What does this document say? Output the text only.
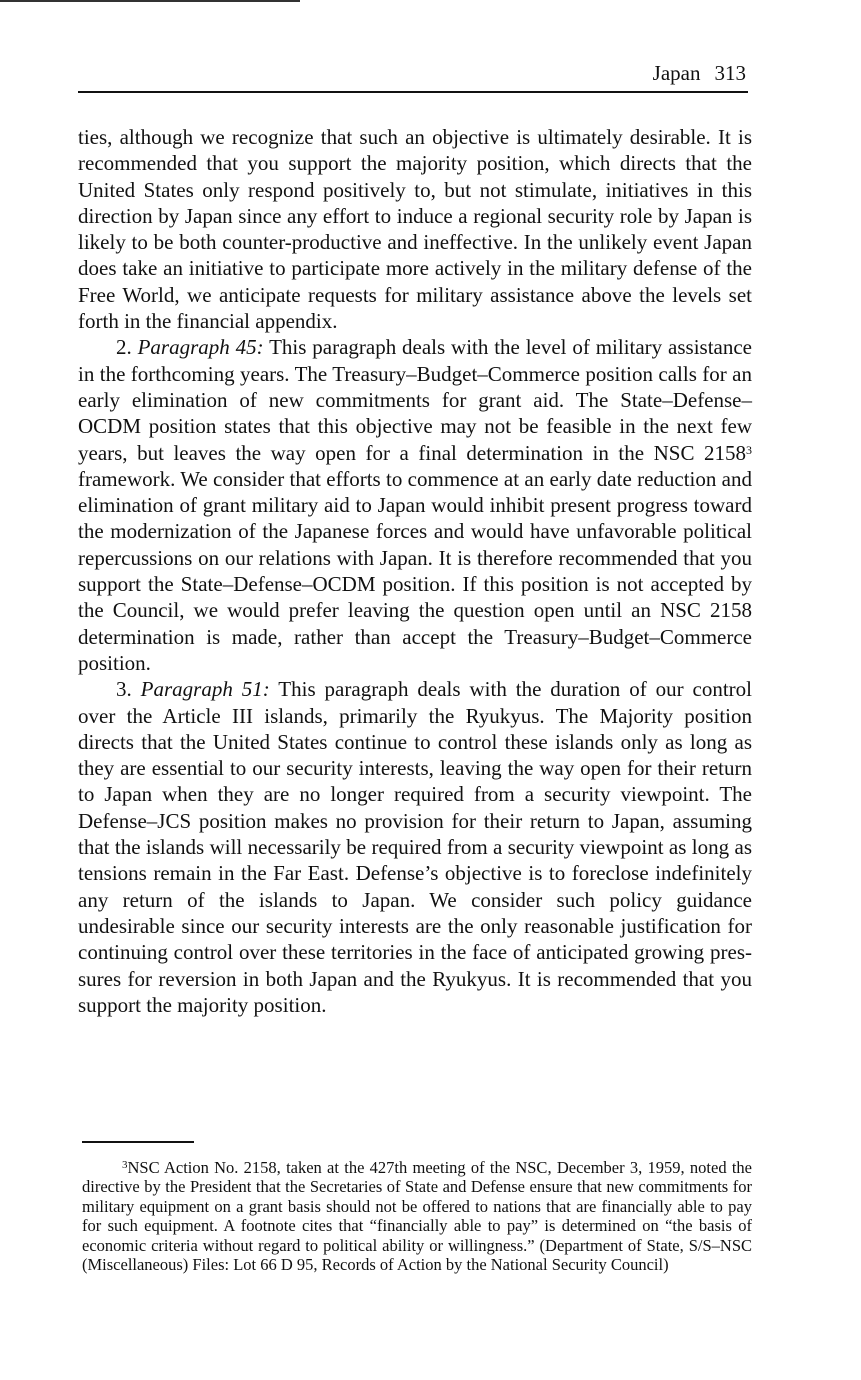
Japan 313

ties, although we recognize that such an objective is ultimately desirable. It is recommended that you support the majority position, which directs that the United States only respond positively to, but not stimulate, initiatives in this direction by Japan since any effort to induce a regional security role by Japan is likely to be both counter-productive and ineffective. In the unlikely event Japan does take an initiative to participate more actively in the military defense of the Free World, we anticipate requests for military assistance above the levels set forth in the financial appendix.

2. Paragraph 45: This paragraph deals with the level of military assistance in the forthcoming years. The Treasury–Budget–Commerce position calls for an early elimination of new commitments for grant aid. The State–Defense–OCDM position states that this objective may not be feasible in the next few years, but leaves the way open for a final determination in the NSC 2158$^3$ framework. We consider that efforts to commence at an early date reduction and elimination of grant military aid to Japan would inhibit present progress toward the modernization of the Japanese forces and would have unfavorable political repercussions on our relations with Japan. It is therefore recommended that you support the State–Defense–OCDM position. If this position is not accepted by the Council, we would prefer leaving the question open until an NSC 2158 determination is made, rather than accept the Treasury–Budget–Commerce position.

3. Paragraph 51: This paragraph deals with the duration of our control over the Article III islands, primarily the Ryukyus. The Majority position directs that the United States continue to control these islands only as long as they are essential to our security interests, leaving the way open for their return to Japan when they are no longer required from a security viewpoint. The Defense–JCS position makes no provision for their return to Japan, assuming that the islands will necessarily be required from a security viewpoint as long as tensions remain in the Far East. Defense’s objective is to foreclose indefinitely any return of the islands to Japan. We consider such policy guidance undesirable since our security interests are the only reasonable justification for continuing control over these territories in the face of anticipated growing pressures for reversion in both Japan and the Ryukyus. It is recommended that you support the majority position.

$^3$NSC Action No. 2158, taken at the 427th meeting of the NSC, December 3, 1959, noted the directive by the President that the Secretaries of State and Defense ensure that new commitments for military equipment on a grant basis should not be offered to nations that are financially able to pay for such equipment. A footnote cites that “financially able to pay” is determined on “the basis of economic criteria without regard to political ability or willingness.” (Department of State, S/S–NSC (Miscellaneous) Files: Lot 66 D 95, Records of Action by the National Security Council)
